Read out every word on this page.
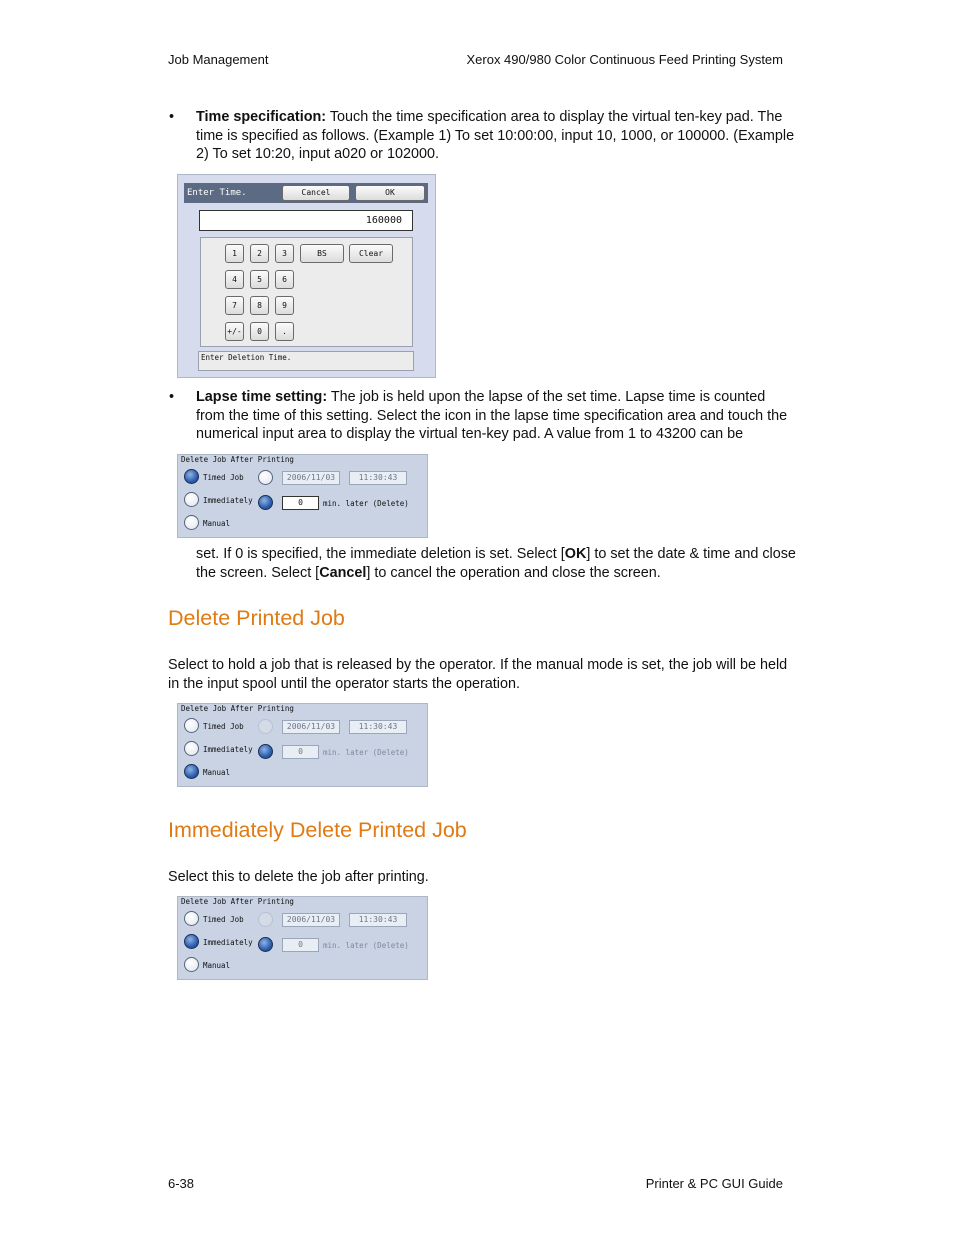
Job Management	Xerox 490/980 Color Continuous Feed Printing System
• Time specification: Touch the time specification area to display the virtual ten-key pad. The time is specified as follows. (Example 1) To set 10:00:00, input 10, 1000, or 100000. (Example 2) To set 10:20, input a020 or 102000.
Enter Time.	Cancel	OK
160000
1	2	3	BS	Clear
4	5	6
7	8	9
+/-	0	.
Enter Deletion Time.
• Lapse time setting: The job is held upon the lapse of the set time. Lapse time is counted from the time of this setting. Select the icon in the lapse time specification area and touch the numerical input area to display the virtual ten-key pad. A value from 1 to 43200 can be
Delete Job After Printing
Timed Job
Immediately
Manual
2006/11/03	11:30:43
0	min. later (Delete)
set. If 0 is specified, the immediate deletion is set. Select [OK] to set the date & time and close the screen. Select [Cancel] to cancel the operation and close the screen.
Delete Printed Job
Select to hold a job that is released by the operator. If the manual mode is set, the job will be held in the input spool until the operator starts the operation.
Delete Job After Printing
Timed Job
Immediately
Manual
2006/11/03	11:30:43
0	min. later (Delete)
Immediately Delete Printed Job
Select this to delete the job after printing.
Delete Job After Printing
Timed Job
Immediately
Manual
2006/11/03	11:30:43
0	min. later (Delete)
6-38	Printer & PC GUI Guide
